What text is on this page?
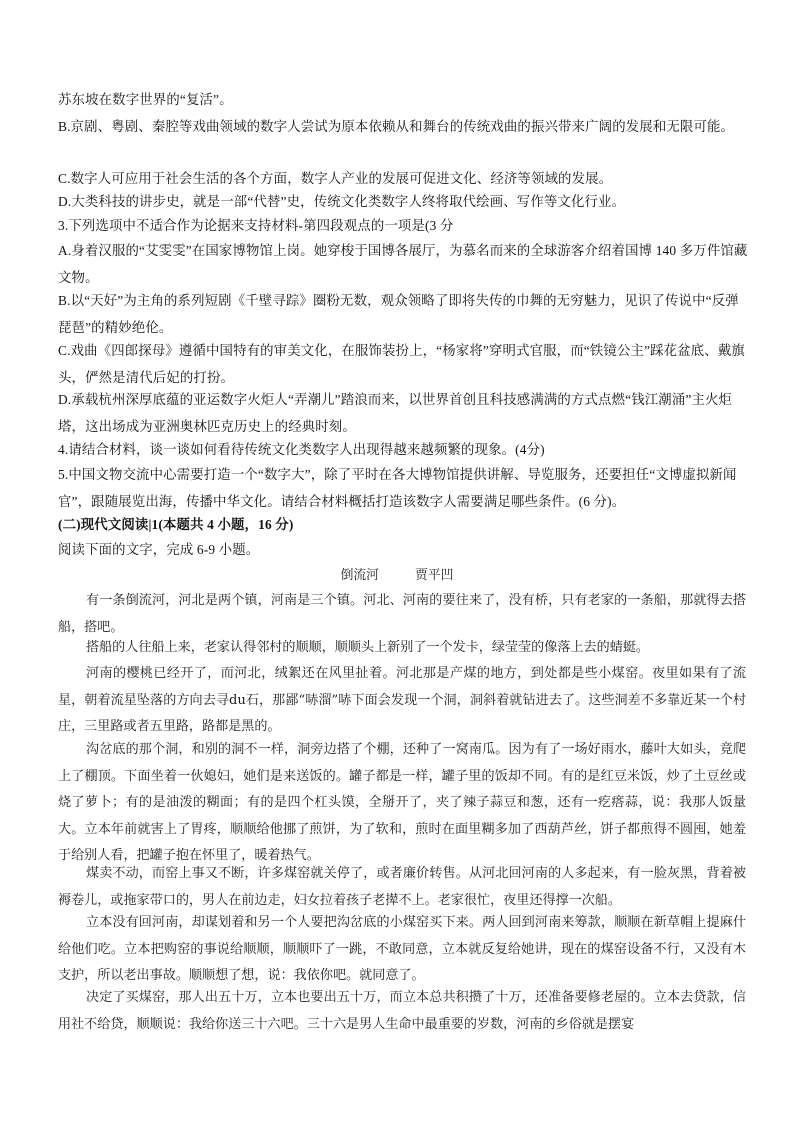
苏东坡在数字世界的“复活”。

B.京剧、粤剧、秦腔等戏曲领域的数字人尝试为原本依赖从和舞台的传统戏曲的振兴带来广阔的发展和无限可能。

C.数字人可应用于社会生活的各个方面，数字人产业的发展可促进文化、经济等领域的发展。

D.大类科技的讲步史，就是一部“代替”史，传统文化类数字人终将取代绘画、写作等文化行业。

3.下列选项中不适合作为论据来支持材料-第四段观点的一项是(3 分

A.身着汉服的“艾雯雯”在国家博物馆上岗。她穿梭于国博各展厅，为慕名而来的全球游客介绍着国博 140 多万件馆藏文物。

B.以“天好”为主角的系列短剧《千壁寻踪》圈粉无数，观众领略了即将失传的巾舞的无穷魅力，见识了传说中“反弹琵琶”的精妙绝伦。

C.戏曲《四郎探母》遵循中国特有的审美文化，在服饰装扮上，“杨家将”穿明式官服，而“铁镜公主”踩花盆底、戴旗头，俨然是清代后妃的打扮。

D.承载杭州深厚底蕴的亚运数字火炬人“弄潮儿”踏浪而来，以世界首创且科技感满满的方式点燃“钱江潮涌”主火炬塔，这出场成为亚洲奥林匹克历史上的经典时刻。

4.请结合材料，谈一谈如何看待传统文化类数字人出现得越来越频繁的现象。(4分)

5.中国文物交流中心需要打造一个“数字大”，除了平时在各大博物馆提供讲解、导览服务，还要担任“文博虚拟新闻官”，跟随展览出海，传播中华文化。请结合材料概括打造该数字人需要满足哪些条件。(6 分)。

(二)现代文阅读|1(本题共 4 小题，16 分)

阅读下面的文字，完成 6-9 小题。

倒流河	贾平凹

有一条倒流河，河北是两个镇，河南是三个镇。河北、河南的要往来了，没有桥，只有老家的一条船，那就得去搭船，搭吧。

搭船的人往船上来，老家认得邻村的顺顺，顺顺头上新别了一个发卡，绿莹莹的像落上去的蜻蜓。

河南的樱桃已经开了，而河北，绒絮还在风里扯着。河北那是产煤的地方，到处都是些小煤窑。夜里如果有了流星，朝着流星坠落的方向去寻du石，那鄙“哧溜”哧下面会发现一个洞，洞斜着就钻进去了。这些洞差不多靠近某一个村庄，三里路或者五里路，路都是黑的。

沟岔底的那个洞，和别的洞不一样，洞旁边搭了个棚，还种了一窝南瓜。因为有了一场好雨水，藤叶大如头，竟爬上了棚顶。下面坐着一伙媳妇，她们是来送饭的。罐子都是一样，罐子里的饭却不同。有的是红豆米饭，炒了土豆丝或烧了萝卜；有的是油泼的糊面；有的是四个杠头馍，全掰开了，夹了辣子蒜豆和葱，还有一疙瘩蒜，说：我那人饭量大。立本年前就害上了胃疼，顺顺给他挪了煎饼，为了软和，煎时在面里糊多加了西葫芦丝，饼子都煎得不圆囤，她羞于给别人看，把罐子抱在怀里了，暖着热气。

煤卖不动，而窑上事又不断，许多煤窑就关停了，或者廉价转售。从河北回河南的人多起来，有一脸灰黑，背着被褥卷儿，或拖家带口的，男人在前边走，妇女拉着孩子老撵不上。老家很忙，夜里还得撑一次船。

立本没有回河南，却谋划着和另一个人要把沟岔底的小煤窑买下来。两人回到河南来筹款，顺顺在新草帽上提麻什给他们吃。立本把购窑的事说给顺顺，顺顺吓了一跳，不敢同意，立本就反复给她讲，现在的煤窑设备不行，又没有木支护，所以老出事故。顺顺想了想，说：我依你吧。就同意了。

决定了买煤窑，那人出五十万，立本也要出五十万，而立本总共积攒了十万，还准备要修老屋的。立本去贷款，信用社不给贷，顺顺说：我给你送三十六吧。三十六是男人生命中最重要的岁数，河南的乡俗就是摆宴
